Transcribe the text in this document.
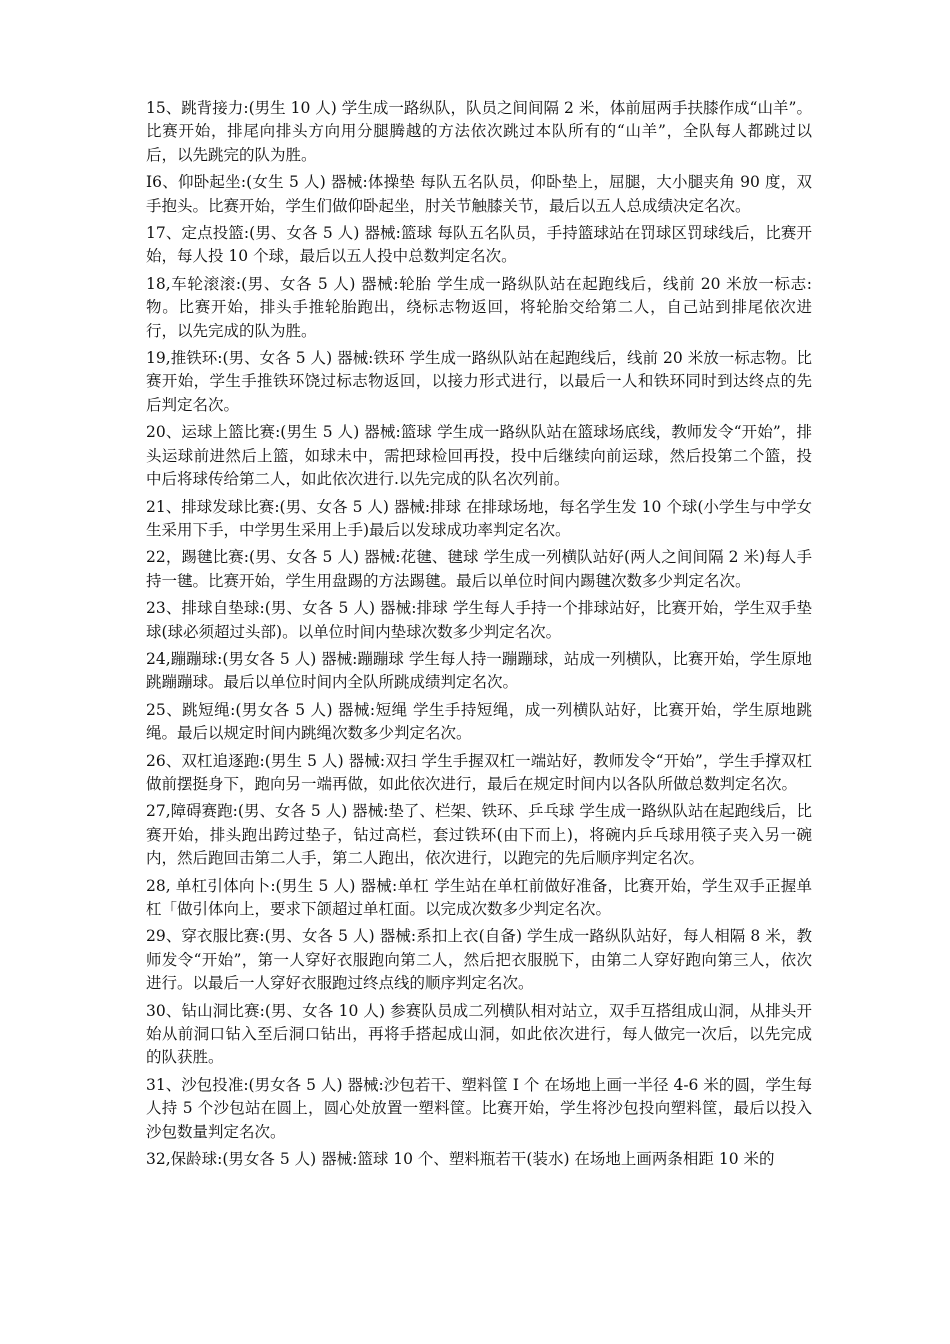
15、跳背接力:(男生 10 人) 学生成一路纵队，队员之间间隔 2 米，体前屈两手扶膝作成“山羊”。比赛开始，排尾向排头方向用分腿腾越的方法依次跳过本队所有的“山羊”，全队每人都跳过以后，以先跳完的队为胜。

I6、仰卧起坐:(女生 5 人) 器械:体操垫 每队五名队员，仰卧垫上，屈腿，大小腿夹角 90 度，双手抱头。比赛开始，学生们做仰卧起坐，肘关节触膝关节，最后以五人总成绩决定名次。

17、定点投篮:(男、女各 5 人) 器械:篮球 每队五名队员，手持篮球站在罚球区罚球线后，比赛开始，每人投 10 个球，最后以五人投中总数判定名次。

18,车轮滚滚:(男、女各 5 人) 器械:轮胎 学生成一路纵队站在起跑线后，线前 20 米放一标志:物。比赛开始，排头手推轮胎跑出，绕标志物返回，将轮胎交给第二人，自己站到排尾依次进行，以先完成的队为胜。

19,推铁环:(男、女各 5 人) 器械:铁环 学生成一路纵队站在起跑线后，线前 20 米放一标志物。比赛开始，学生手推铁环饶过标志物返回，以接力形式进行，以最后一人和铁环同时到达终点的先后判定名次。

20、运球上篮比赛:(男生 5 人) 器械:篮球 学生成一路纵队站在篮球场底线，教师发令“开始”，排头运球前进然后上篮，如球未中，需把球检回再投，投中后继续向前运球，然后投第二个篮，投中后将球传给第二人，如此依次进行.以先完成的队名次列前。

21、排球发球比赛:(男、女各 5 人) 器械:排球 在排球场地，每名学生发 10 个球(小学生与中学女生采用下手，中学男生采用上手)最后以发球成功率判定名次。

22，踢毽比赛:(男、女各 5 人) 器械:花毽、毽球 学生成一列横队站好(两人之间间隔 2 米)每人手持一毽。比赛开始，学生用盘踢的方法踢毽。最后以单位时间内踢毽次数多少判定名次。

23、排球自垫球:(男、女各 5 人) 器械:排球 学生每人手持一个排球站好，比赛开始，学生双手垫球(球必须超过头部)。以单位时间内垫球次数多少判定名次。

24,蹦蹦球:(男女各 5 人) 器械:蹦蹦球 学生每人持一蹦蹦球，站成一列横队，比赛开始，学生原地跳蹦蹦球。最后以单位时间内全队所跳成绩判定名次。

25、跳短绳:(男女各 5 人) 器械:短绳 学生手持短绳，成一列横队站好，比赛开始，学生原地跳绳。最后以规定时间内跳绳次数多少判定名次。

26、双杠追逐跑:(男生 5 人) 器械:双扫 学生手握双杠一端站好，教师发令“开始”，学生手撑双杠做前摆挺身下，跑向另一端再做，如此依次进行，最后在规定时间内以各队所做总数判定名次。

27,障碍赛跑:(男、女各 5 人) 器械:垫了、栏架、铁环、乒乓球 学生成一路纵队站在起跑线后，比赛开始，排头跑出跨过垫子，钻过高栏，套过铁环(由下而上)，将碗内乒乓球用筷子夹入另一碗内，然后跑回击第二人手，第二人跑出，依次进行，以跑完的先后顺序判定名次。

28, 单杠引体向卜:(男生 5 人) 器械:单杠 学生站在单杠前做好准备，比赛开始，学生双手正握单杠「做引体向上，要求下颌超过单杠面。以完成次数多少判定名次。

29、穿衣服比赛:(男、女各 5 人) 器械:系扣上衣(自备) 学生成一路纵队站好，每人相隔 8 米，教师发令“开始”，第一人穿好衣服跑向第二人，然后把衣服脱下，由第二人穿好跑向第三人，依次进行。以最后一人穿好衣服跑过终点线的顺序判定名次。

30、钻山洞比赛:(男、女各 10 人) 参赛队员成二列横队相对站立，双手互搭组成山洞，从排头开始从前洞口钻入至后洞口钻出，再将手搭起成山洞，如此依次进行，每人做完一次后，以先完成的队获胜。

31、沙包投准:(男女各 5 人) 器械:沙包若干、塑料筐 I 个 在场地上画一半径 4-6 米的圆，学生每人持 5 个沙包站在圆上，圆心处放置一塑料筐。比赛开始，学生将沙包投向塑料筐，最后以投入沙包数量判定名次。

32,保龄球:(男女各 5 人) 器械:篮球 10 个、塑料瓶若干(装水) 在场地上画两条相距 10 米的
